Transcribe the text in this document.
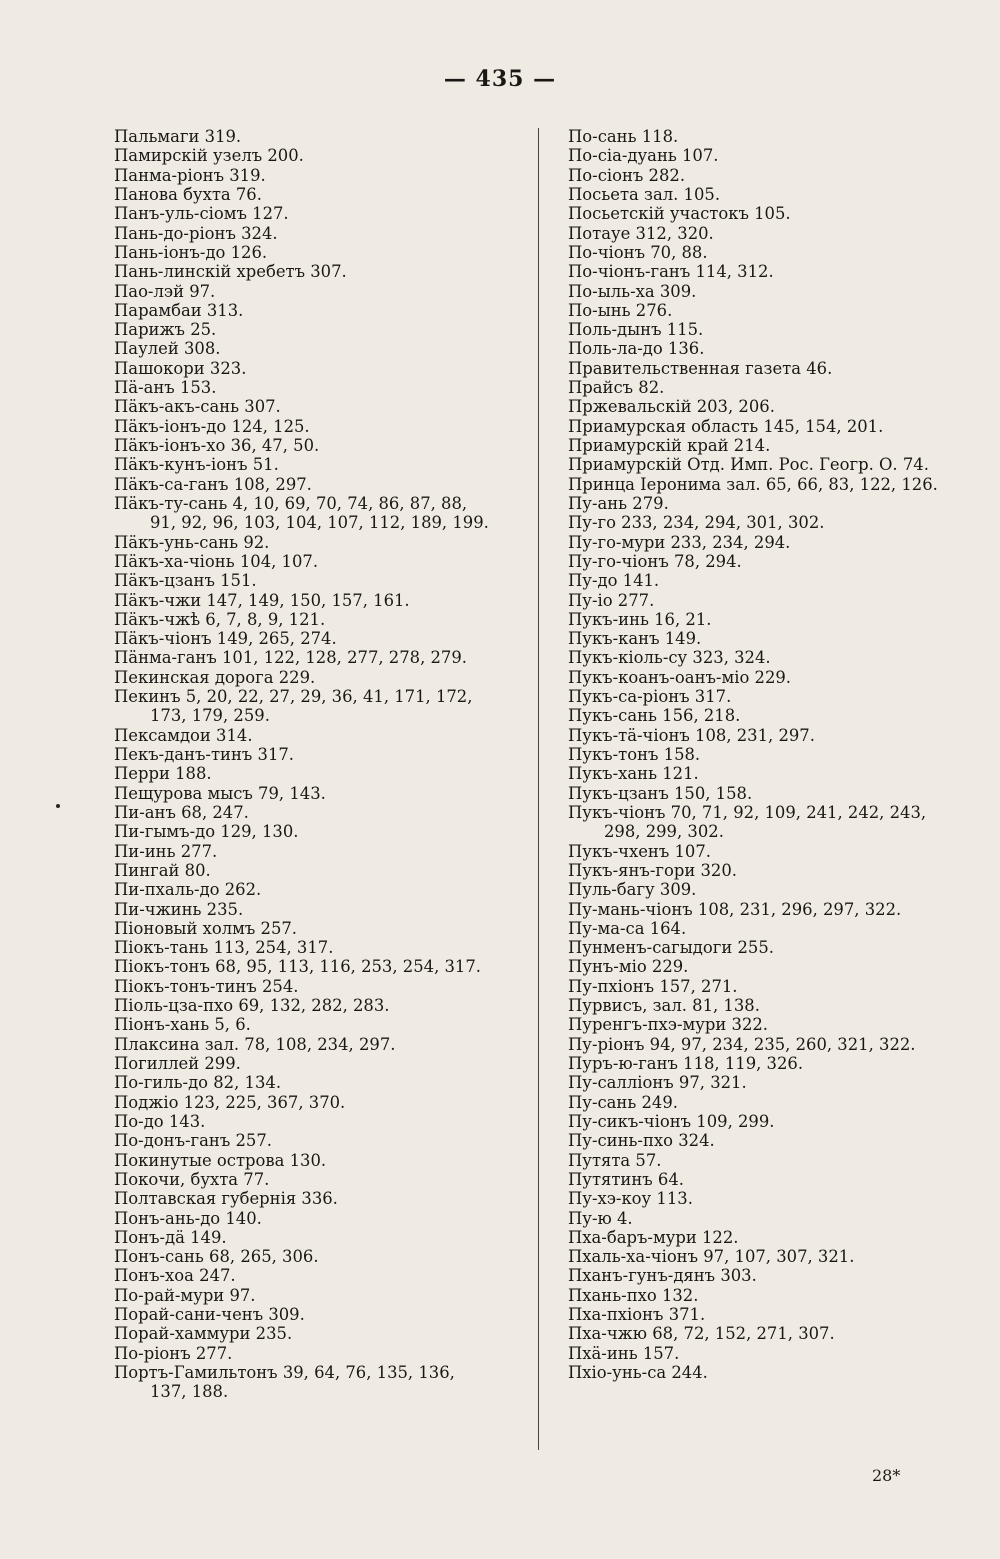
— 435 —
Пальмаги 319.
Памирскій узелъ 200.
Панма-ріонъ 319.
Панова бухта 76.
Панъ-уль-сіомъ 127.
Пань-до-ріонъ 324.
Пань-іонъ-до 126.
Пань-линскій хребетъ 307.
Пао-лэй 97.
Парамбаи 313.
Парижъ 25.
Паулей 308.
Пашокори 323.
Пä-анъ 153.
Пäкъ-акъ-сань 307.
Пäкъ-іонъ-до 124, 125.
Пäкъ-іонъ-хо 36, 47, 50.
Пäкъ-кунъ-іонъ 51.
Пäкъ-са-ганъ 108, 297.
Пäкъ-ту-сань 4, 10, 69, 70, 74, 86, 87, 88,
91, 92, 96, 103, 104, 107, 112, 189, 199.
Пäкъ-унь-сань 92.
Пäкъ-ха-чіонь 104, 107.
Пäкъ-цзанъ 151.
Пäкъ-чжи 147, 149, 150, 157, 161.
Пäкъ-чжѣ 6, 7, 8, 9, 121.
Пäкъ-чіонъ 149, 265, 274.
Пäнма-ганъ 101, 122, 128, 277, 278, 279.
Пекинская дорога 229.
Пекинъ 5, 20, 22, 27, 29, 36, 41, 171, 172,
173, 179, 259.
Пексамдои 314.
Пекъ-данъ-тинъ 317.
Перри 188.
Пещурова мысъ 79, 143.
Пи-анъ 68, 247.
Пи-гымъ-до 129, 130.
Пи-инь 277.
Пингай 80.
Пи-пхаль-до 262.
Пи-чжинь 235.
Піоновый холмъ 257.
Піокъ-тань 113, 254, 317.
Піокъ-тонъ 68, 95, 113, 116, 253, 254, 317.
Піокъ-тонъ-тинъ 254.
Піоль-цза-пхо 69, 132, 282, 283.
Піонъ-хань 5, 6.
Плаксина зал. 78, 108, 234, 297.
Погиллей 299.
По-гиль-до 82, 134.
Поджіо 123, 225, 367, 370.
По-до 143.
По-донъ-ганъ 257.
Покинутые острова 130.
Покочи, бухта 77.
Полтавская губернія 336.
Понъ-ань-до 140.
Понъ-дä 149.
Понъ-сань 68, 265, 306.
Понъ-хоа 247.
По-рай-мури 97.
Порай-сани-ченъ 309.
Порай-хаммури 235.
По-ріонъ 277.
Портъ-Гамильтонъ 39, 64, 76, 135, 136,
137, 188.
По-сань 118.
По-сіа-дуань 107.
По-сіонъ 282.
Посьета зал. 105.
Посьетскій участокъ 105.
Потауе 312, 320.
По-чіонъ 70, 88.
По-чіонъ-ганъ 114, 312.
По-ыль-ха 309.
По-ынь 276.
Поль-дынъ 115.
Поль-ла-до 136.
Правительственная газета 46.
Прайсъ 82.
Пржевальскій 203, 206.
Приамурская область 145, 154, 201.
Приамурскій край 214.
Приамурскій Отд. Имп. Рос. Геогр. О. 74.
Принца Іеронима зал. 65, 66, 83, 122, 126.
Пу-ань 279.
Пу-го 233, 234, 294, 301, 302.
Пу-го-мури 233, 234, 294.
Пу-го-чіонъ 78, 294.
Пу-до 141.
Пу-іо 277.
Пукъ-инь 16, 21.
Пукъ-канъ 149.
Пукъ-кіоль-су 323, 324.
Пукъ-коанъ-оанъ-міо 229.
Пукъ-са-ріонъ 317.
Пукъ-сань 156, 218.
Пукъ-тä-чіонъ 108, 231, 297.
Пукъ-тонъ 158.
Пукъ-хань 121.
Пукъ-цзанъ 150, 158.
Пукъ-чіонъ 70, 71, 92, 109, 241, 242, 243,
298, 299, 302.
Пукъ-чхенъ 107.
Пукъ-янъ-гори 320.
Пуль-багу 309.
Пу-мань-чіонъ 108, 231, 296, 297, 322.
Пу-ма-са 164.
Пунменъ-сагыдоги 255.
Пунъ-міо 229.
Пу-пхіонъ 157, 271.
Пурвисъ, зал. 81, 138.
Пуренгъ-пхэ-мури 322.
Пу-ріонъ 94, 97, 234, 235, 260, 321, 322.
Пуръ-ю-ганъ 118, 119, 326.
Пу-салліонъ 97, 321.
Пу-сань 249.
Пу-сикъ-чіонъ 109, 299.
Пу-синь-пхо 324.
Путята 57.
Путятинъ 64.
Пу-хэ-коу 113.
Пу-ю 4.
Пха-баръ-мури 122.
Пхаль-ха-чіонъ 97, 107, 307, 321.
Пханъ-гунъ-дянъ 303.
Пхань-пхо 132.
Пха-пхіонъ 371.
Пха-чжю 68, 72, 152, 271, 307.
Пхä-инь 157.
Пхіо-унь-са 244.
28*
